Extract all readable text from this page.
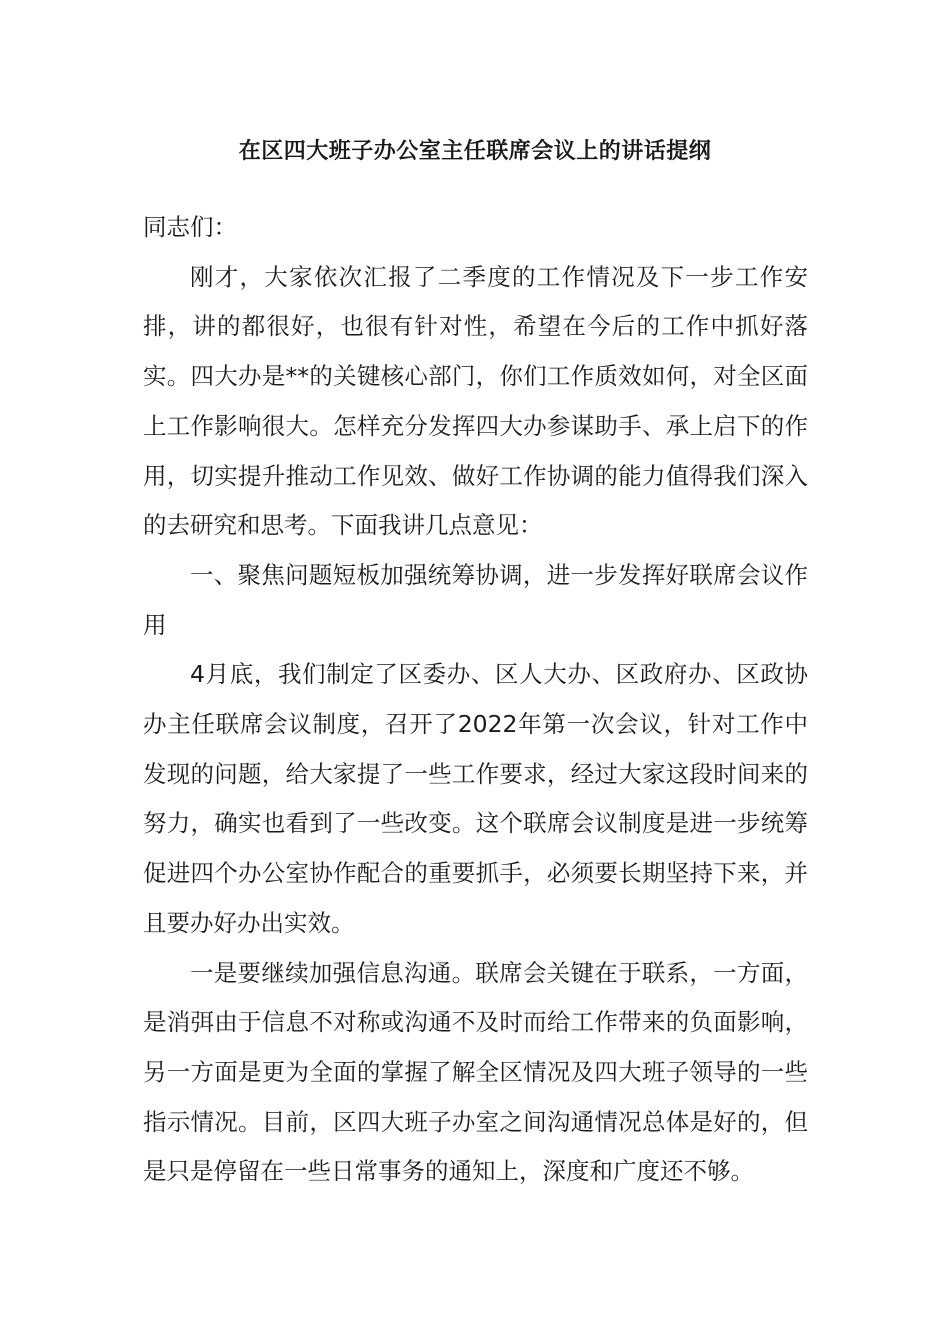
在区四大班子办公室主任联席会议上的讲话提纲

同志们：

刚才，大家依次汇报了二季度的工作情况及下一步工作安排，讲的都很好，也很有针对性，希望在今后的工作中抓好落实。四大办是**的关键核心部门，你们工作质效如何，对全区面上工作影响很大。怎样充分发挥四大办参谋助手、承上启下的作用，切实提升推动工作见效、做好工作协调的能力值得我们深入的去研究和思考。下面我讲几点意见：

一、聚焦问题短板加强统筹协调，进一步发挥好联席会议作用

4月底，我们制定了区委办、区人大办、区政府办、区政协办主任联席会议制度，召开了2022年第一次会议，针对工作中发现的问题，给大家提了一些工作要求，经过大家这段时间来的努力，确实也看到了一些改变。这个联席会议制度是进一步统筹促进四个办公室协作配合的重要抓手，必须要长期坚持下来，并且要办好办出实效。

一是要继续加强信息沟通。联席会关键在于联系，一方面，是消弭由于信息不对称或沟通不及时而给工作带来的负面影响，另一方面是更为全面的掌握了解全区情况及四大班子领导的一些指示情况。目前，区四大班子办室之间沟通情况总体是好的，但是只是停留在一些日常事务的通知上，深度和广度还不够。
